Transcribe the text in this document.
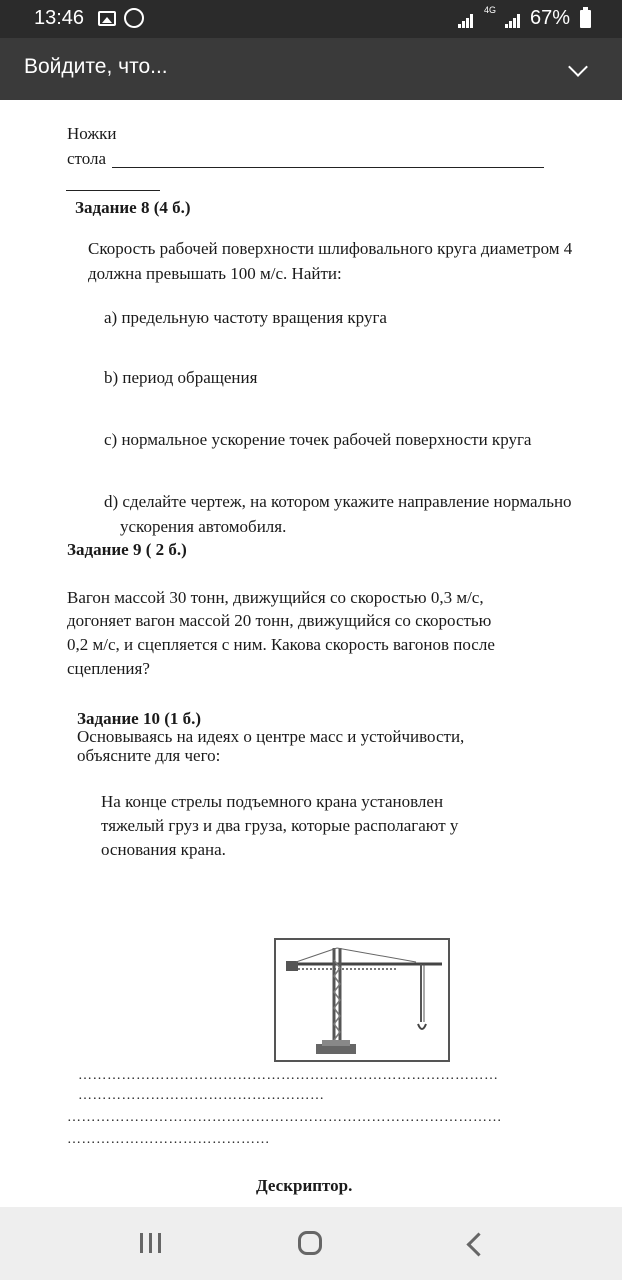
13:46	4G 67%
Войдите, что...
Ножки
стола
Задание 8 (4 б.)
Скорость рабочей поверхности шлифовального круга диаметром 4
должна превышать 100 м/с. Найти:
а) предельную частоту вращения круга
b) период обращения
c) нормальное ускорение точек рабочей поверхности круга
d) сделайте чертеж, на котором укажите направление нормально
ускорения автомобиля.
Задание 9 ( 2 б.)
Вагон массой 30 тонн, движущийся со скоростью 0,3 м/с,
догоняет вагон массой 20 тонн, движущийся со скоростью
0,2 м/с, и сцепляется с ним. Какова скорость вагонов после
сцепления?
Задание 10 (1 б.)
Основываясь на идеях о центре масс и устойчивости,
объясните для чего:
На конце стрелы подъемного крана установлен
тяжелый груз и два груза, которые располагают у
основания крана.
……………………………………………………………………………
……………………………………………
………………………………………………………………………………
……………………………………
Дескриптор.
